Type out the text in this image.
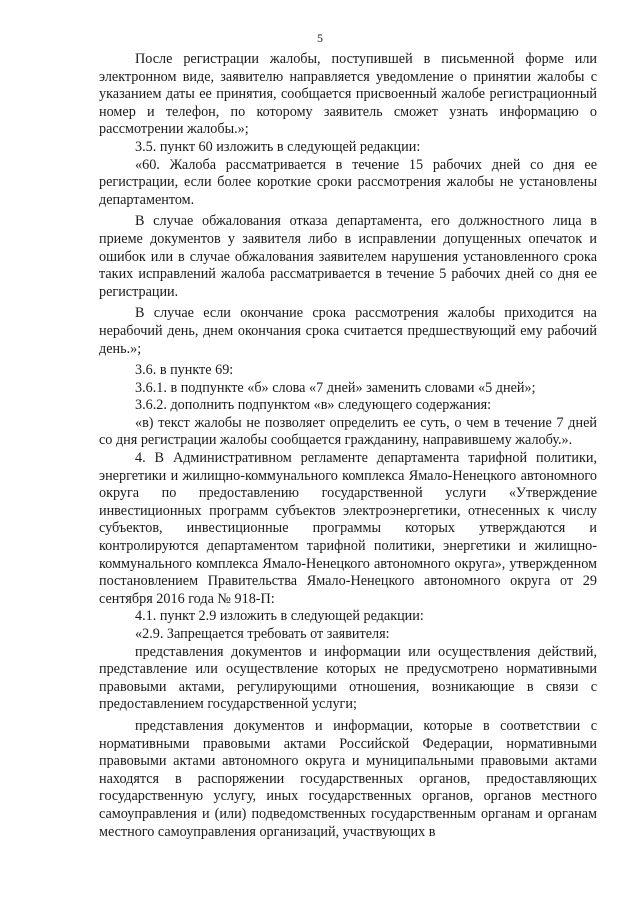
5

После регистрации жалобы, поступившей в письменной форме или электронном виде, заявителю направляется уведомление о принятии жалобы с указанием даты ее принятия, сообщается присвоенный жалобе регистрационный номер и телефон, по которому заявитель сможет узнать информацию о рассмотрении жалобы.»;

3.5. пункт 60 изложить в следующей редакции:

«60. Жалоба рассматривается в течение 15 рабочих дней со дня ее регистрации, если более короткие сроки рассмотрения жалобы не установлены департаментом.

В случае обжалования отказа департамента, его должностного лица в приеме документов у заявителя либо в исправлении допущенных опечаток и ошибок или в случае обжалования заявителем нарушения установленного срока таких исправлений жалоба рассматривается в течение 5 рабочих дней со дня ее регистрации.

В случае если окончание срока рассмотрения жалобы приходится на нерабочий день, днем окончания срока считается предшествующий ему рабочий день.»;

3.6. в пункте 69:

3.6.1. в подпункте «б» слова «7 дней» заменить словами «5 дней»;

3.6.2. дополнить подпунктом «в» следующего содержания:

«в) текст жалобы не позволяет определить ее суть, о чем в течение 7 дней со дня регистрации жалобы сообщается гражданину, направившему жалобу.».

4. В Административном регламенте департамента тарифной политики, энергетики и жилищно-коммунального комплекса Ямало-Ненецкого автономного округа по предоставлению государственной услуги «Утверждение инвестиционных программ субъектов электроэнергетики, отнесенных к числу субъектов, инвестиционные программы которых утверждаются и контролируются департаментом тарифной политики, энергетики и жилищно-коммунального комплекса Ямало-Ненецкого автономного округа», утвержденном постановлением Правительства Ямало-Ненецкого автономного округа от 29 сентября 2016 года № 918-П:

4.1. пункт 2.9 изложить в следующей редакции:

«2.9. Запрещается требовать от заявителя:

представления документов и информации или осуществления действий, представление или осуществление которых не предусмотрено нормативными правовыми актами, регулирующими отношения, возникающие в связи с предоставлением государственной услуги;

представления документов и информации, которые в соответствии с нормативными правовыми актами Российской Федерации, нормативными правовыми актами автономного округа и муниципальными правовыми актами находятся в распоряжении государственных органов, предоставляющих государственную услугу, иных государственных органов, органов местного самоуправления и (или) подведомственных государственным органам и органам местного самоуправления организаций, участвующих в
